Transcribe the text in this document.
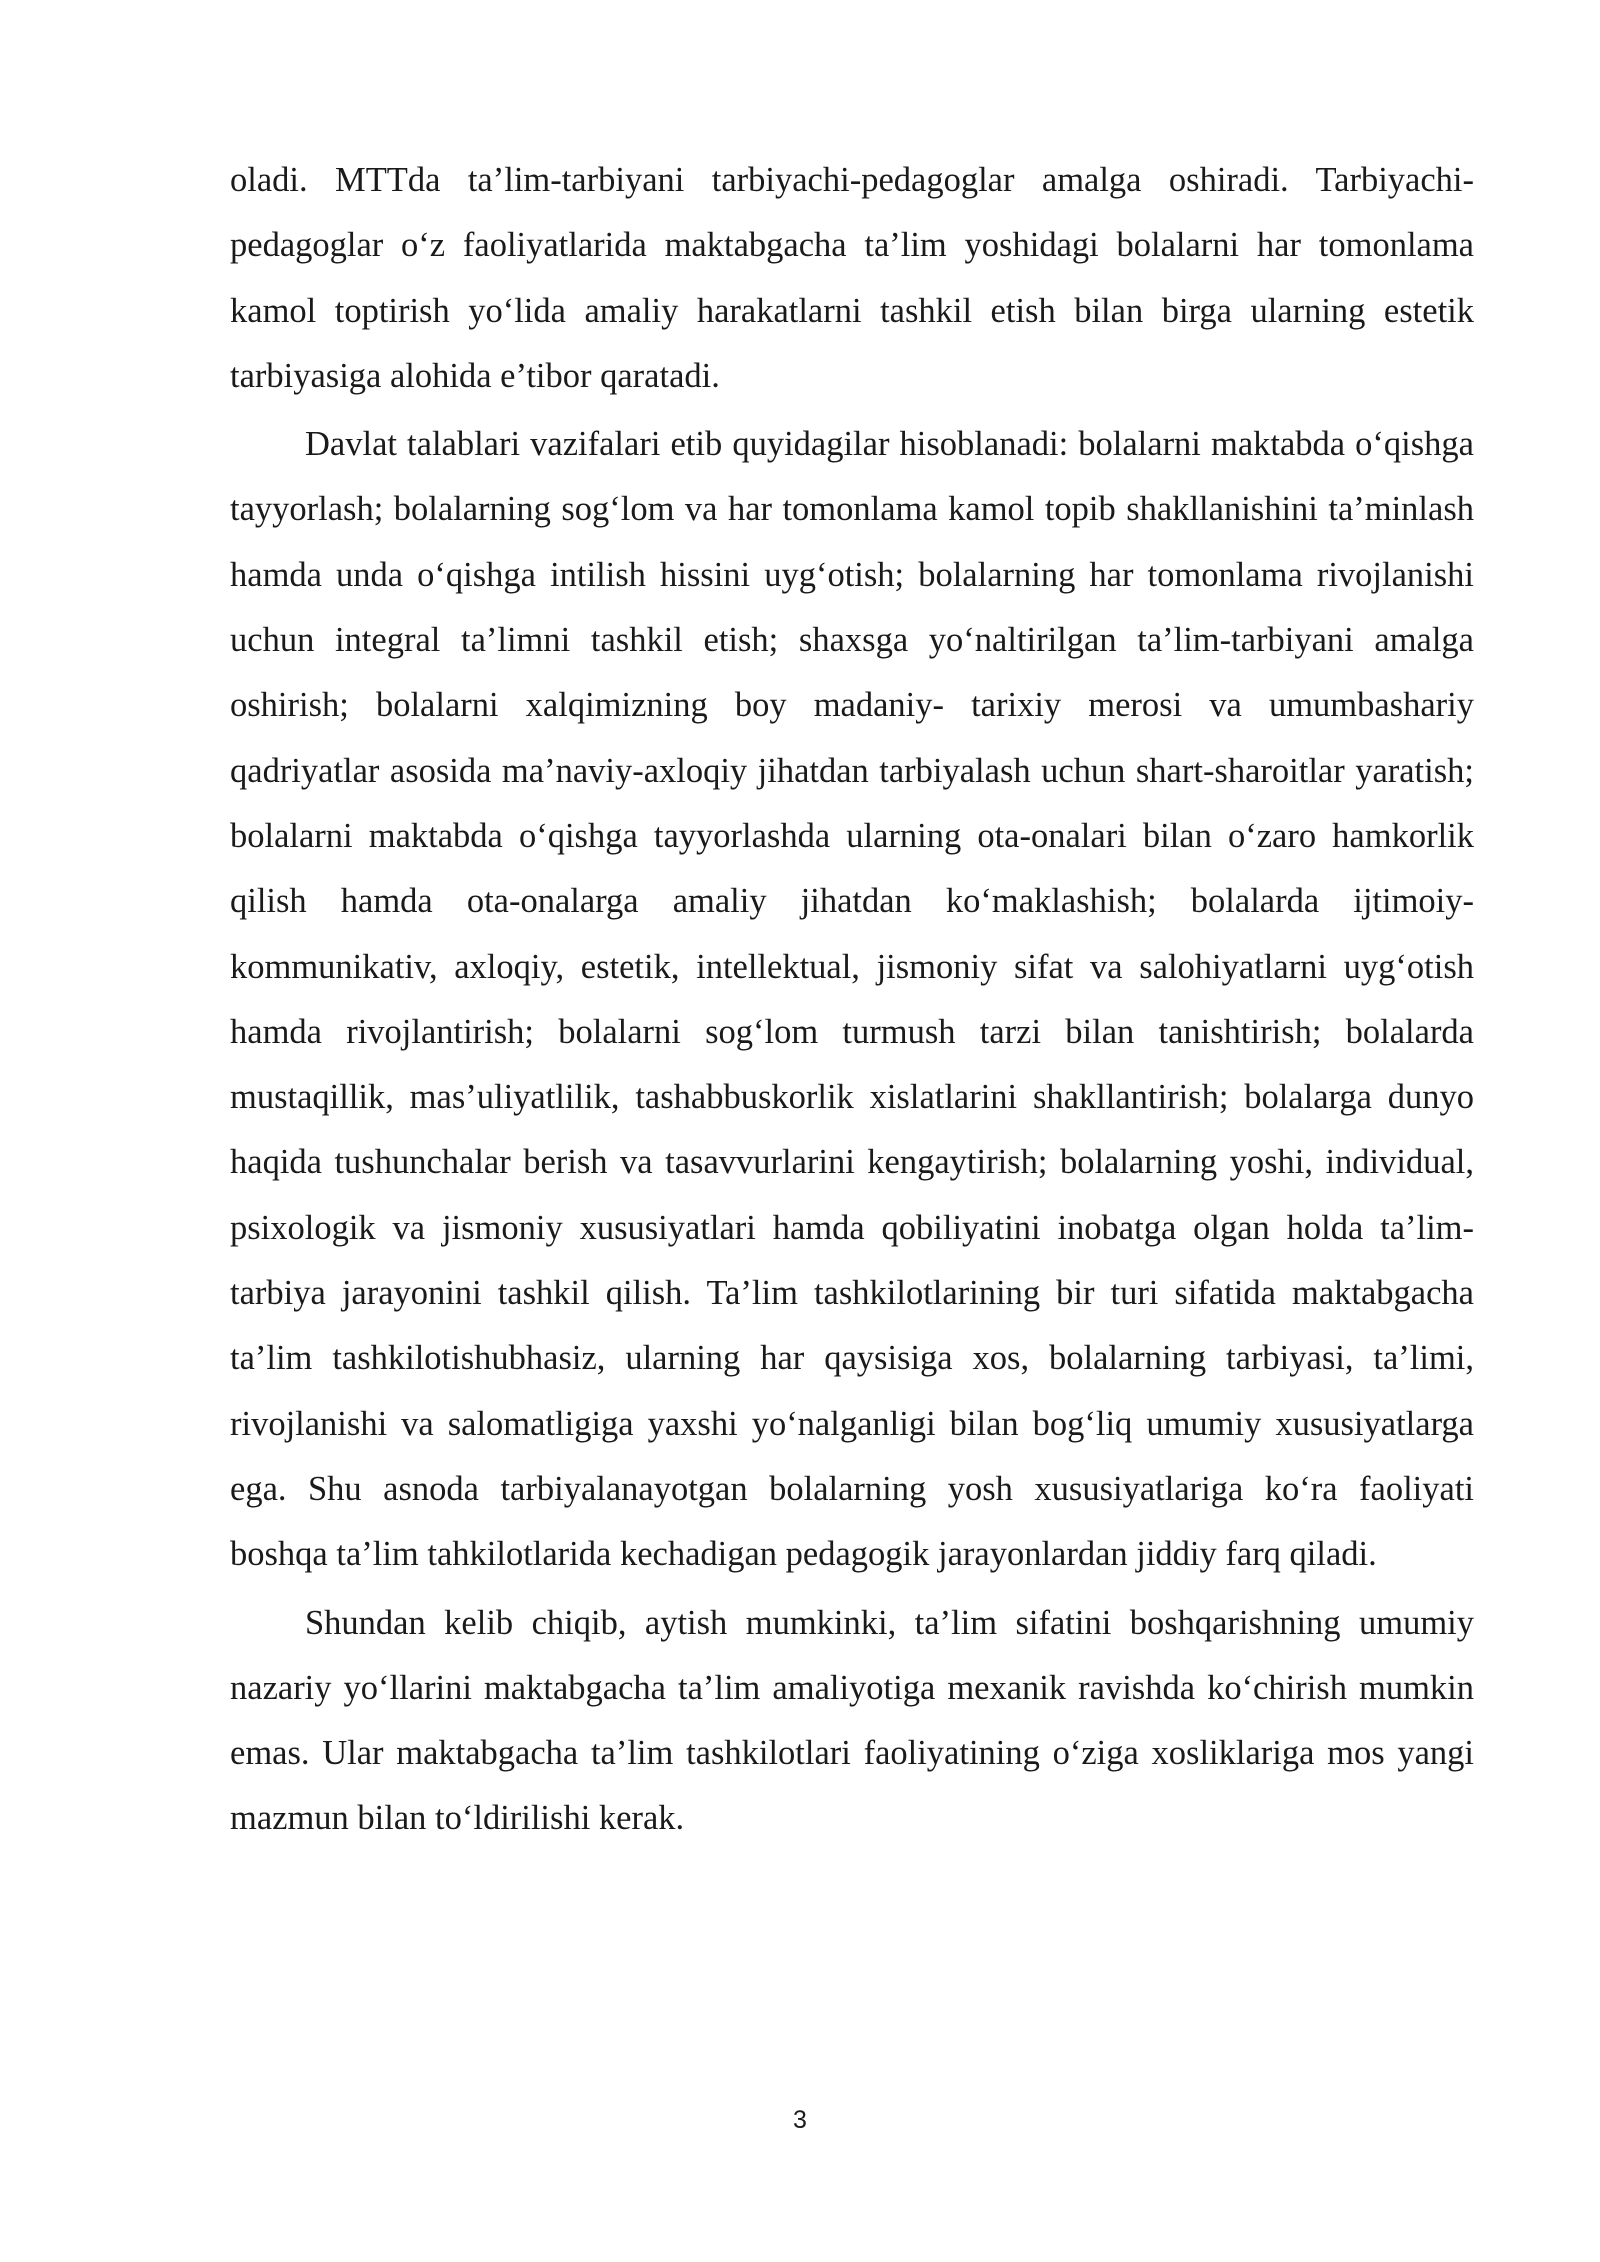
oladi. MTTda ta’lim-tarbiyani tarbiyachi-pedagoglar amalga oshiradi. Tarbiyachi-pedagoglar o‘z faoliyatlarida maktabgacha ta’lim yoshidagi bolalarni har tomonlama kamol toptirish yo‘lida amaliy harakatlarni tashkil etish bilan birga ularning estetik tarbiyasiga alohida e’tibor qaratadi.

Davlat talablari vazifalari etib quyidagilar hisoblanadi: bolalarni maktabda o‘qishga tayyorlash; bolalarning sog‘lom va har tomonlama kamol topib shakllanishini ta’minlash hamda unda o‘qishga intilish hissini uyg‘otish; bolalarning har tomonlama rivojlanishi uchun integral ta’limni tashkil etish; shaxsga yo‘naltirilgan ta’lim-tarbiyani amalga oshirish; bolalarni xalqimizning boy madaniy- tarixiy merosi va umumbashariy qadriyatlar asosida ma’naviy-axloqiy jihatdan tarbiyalash uchun shart-sharoitlar yaratish; bolalarni maktabda o‘qishga tayyorlashda ularning ota-onalari bilan o‘zaro hamkorlik qilish hamda ota-onalarga amaliy jihatdan ko‘maklashish; bolalarda ijtimoiy-kommunikativ, axloqiy, estetik, intellektual, jismoniy sifat va salohiyatlarni uyg‘otish hamda rivojlantirish; bolalarni sog‘lom turmush tarzi bilan tanishtirish; bolalarda mustaqillik, mas’uliyatlilik, tashabbuskorlik xislatlarini shakllantirish; bolalarga dunyo haqida tushunchalar berish va tasavvurlarini kengaytirish; bolalarning yoshi, individual, psixologik va jismoniy xususiyatlari hamda qobiliyatini inobatga olgan holda ta’lim-tarbiya jarayonini tashkil qilish. Ta’lim tashkilotlarining bir turi sifatida maktabgacha ta’lim tashkilotishubhasiz, ularning har qaysisiga xos, bolalarning tarbiyasi, ta’limi, rivojlanishi va salomatligiga yaxshi yo‘nalganligi bilan bog‘liq umumiy xususiyatlarga ega. Shu asnoda tarbiyalanayotgan bolalarning yosh xususiyatlariga ko‘ra faoliyati boshqa ta’lim tahkilotlarida kechadigan pedagogik jarayonlardan jiddiy farq qiladi.

Shundan kelib chiqib, aytish mumkinki, ta’lim sifatini boshqarishning umumiy nazariy yo‘llarini maktabgacha ta’lim amaliyotiga mexanik ravishda ko‘chirish mumkin emas. Ular maktabgacha ta’lim tashkilotlari faoliyatining o‘ziga xosliklariga mos yangi mazmun bilan to‘ldirilishi kerak.

3
